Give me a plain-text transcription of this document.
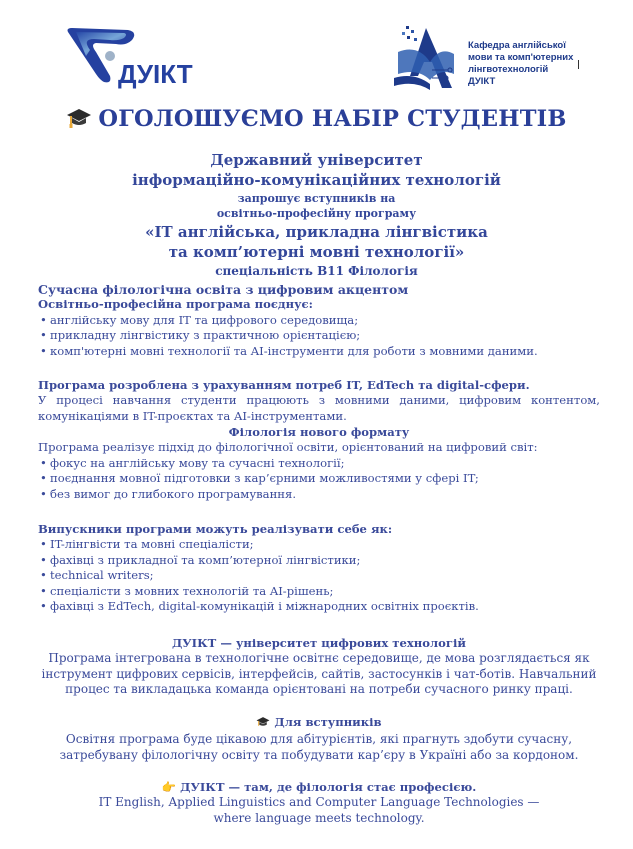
ДУІКТ
Кафедра англійської
мови та комп'ютерних
лінгвотехнологій
ДУІКТ
ОГОЛОШУЄМО НАБІР СТУДЕНТІВ
Державний університет
інформаційно-комунікаційних технологій
запрошує вступників на
освітньо-професійну програму
«IT англійська, прикладна лінгвістика
та комп’ютерні мовні технології»
спеціальність В11 Філологія
Сучасна філологічна освіта з цифровим акцентом
Освітньо-професійна програма поєднує:
• англійську мову для IT та цифрового середовища;
• прикладну лінгвістику з практичною орієнтацією;
• комп'ютерні мовні технології та AI-інструменти для роботи з мовними даними.
Програма розроблена з урахуванням потреб IT, EdTech та digital-сфери.
У процесі навчання студенти працюють з мовними даними, цифровим контентом, комунікаціями в IT-проєктах та AI-інструментами.
Філологія нового формату
Програма реалізує підхід до філологічної освіти, орієнтований на цифровий світ:
• фокус на англійську мову та сучасні технології;
• поєднання мовної підготовки з кар’єрними можливостями у сфері IT;
• без вимог до глибокого програмування.
Випускники програми можуть реалізувати себе як:
• IT-лінгвісти та мовні спеціалісти;
• фахівці з прикладної та комп’ютерної лінгвістики;
• technical writers;
• спеціалісти з мовних технологій та AI-рішень;
• фахівці з EdTech, digital-комунікацій і міжнародних освітніх проєктів.
ДУІКТ — університет цифрових технологій
Програма інтегрована в технологічне освітнє середовище, де мова розглядається як інструмент цифрових сервісів, інтерфейсів, сайтів, застосунків і чат-ботів. Навчальний процес та викладацька команда орієнтовані на потреби сучасного ринку праці.
Для вступників
Освітня програма буде цікавою для абітурієнтів, які прагнуть здобути сучасну, затребувану філологічну освіту та побудувати кар’єру в Україні або за кордоном.
👉 ДУІКТ — там, де філологія стає професією.
IT English, Applied Linguistics and Computer Language Technologies —
where language meets technology.
